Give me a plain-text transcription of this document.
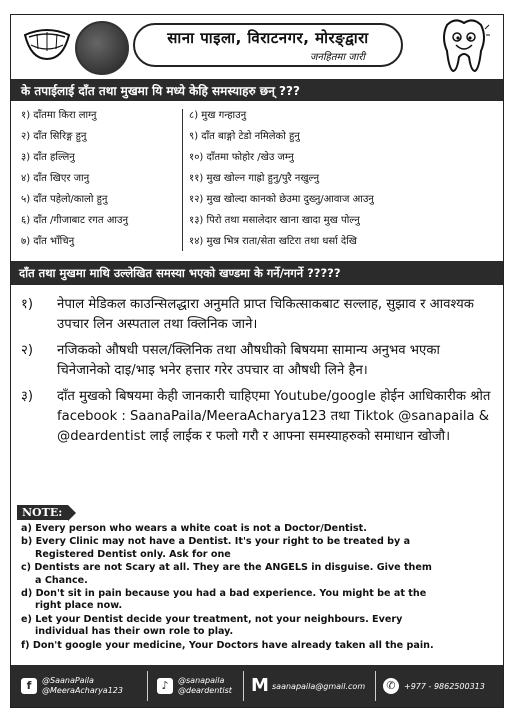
साना पाइला, विराटनगर, मोरङ्द्वारा
जनहितमा जारी
के तपाईलाई दाँत तथा मुखमा यि मध्ये केहि समस्याहरु छन् ???
१) दाँतमा किरा लाग्नु
२) दाँत सिरिङ्ग हुनु
३) दाँत हल्लिनु
४) दाँत खिएर जानु
५) दाँत पहेलो/कालो हुनु
६) दाँत /गीजाबाट रगत आउनु
७) दाँत भाँचिनु
८) मुख गन्हाउनु
९) दाँत बाङ्गो टेडो नमिलेको हुनु
१०) दाँतमा फोहोर /खेउ जम्नु
११) मुख खोल्न गाह्रो हुनु/पुरै नखुल्नु
१२) मुख खोल्दा कानको छेउमा दुख्नु/आवाज आउनु
१३) पिरो तथा मसालेदार खाना खादा मुख पोल्नु
१४) मुख भित्र राता/सेता खटिरा तथा धर्सा देखि
दाँत तथा मुखमा माथि उल्लेखित समस्या भएको खण्डमा के गर्ने/नगर्ने ?????
१) नेपाल मेडिकल काउन्सिलद्धारा अनुमति प्राप्त चिकित्साकबाट सल्लाह, सुझाव र आवश्यक उपचार लिन अस्पताल तथा क्लिनिक जाने।
२) नजिकको औषधी पसल/क्लिनिक तथा औषधीको बिषयमा सामान्य अनुभव भएका चिनेजानेको दाइ/भाइ भनेर हत्तार गरेर उपचार वा औषधी लिने हैन।
३) दाँत मुखको बिषयमा केही जानकारी चाहिएमा Youtube/google होईन आधिकारीक श्रोत facebook : SaanaPaila/MeeraAcharya123 तथा Tiktok @sanapaila & @deardentist लाई लाईक र फलो गरौ र आफ्ना समस्याहरुको समाधान खोजौ।
NOTE:
a) Every person who wears a white coat is not a Doctor/Dentist.
b) Every Clinic may not have a Dentist. It's your right to be treated by a
Registered Dentist only. Ask for one
c) Dentists are not Scary at all. They are the ANGELS in disguise. Give them
a Chance.
d) Don't sit in pain because you had a bad experience. You might be at the
right place now.
e) Let your Dentist decide your treatment, not your neighbours. Every
individual has their own role to play.
f) Don't google your medicine, Your Doctors have already taken all the pain.
f	@SaanaPaila
@MeeraAcharya123	♪	@sanapaila
@deardentist M saanapaila@gmail.com	✆	+977 - 9862500313
